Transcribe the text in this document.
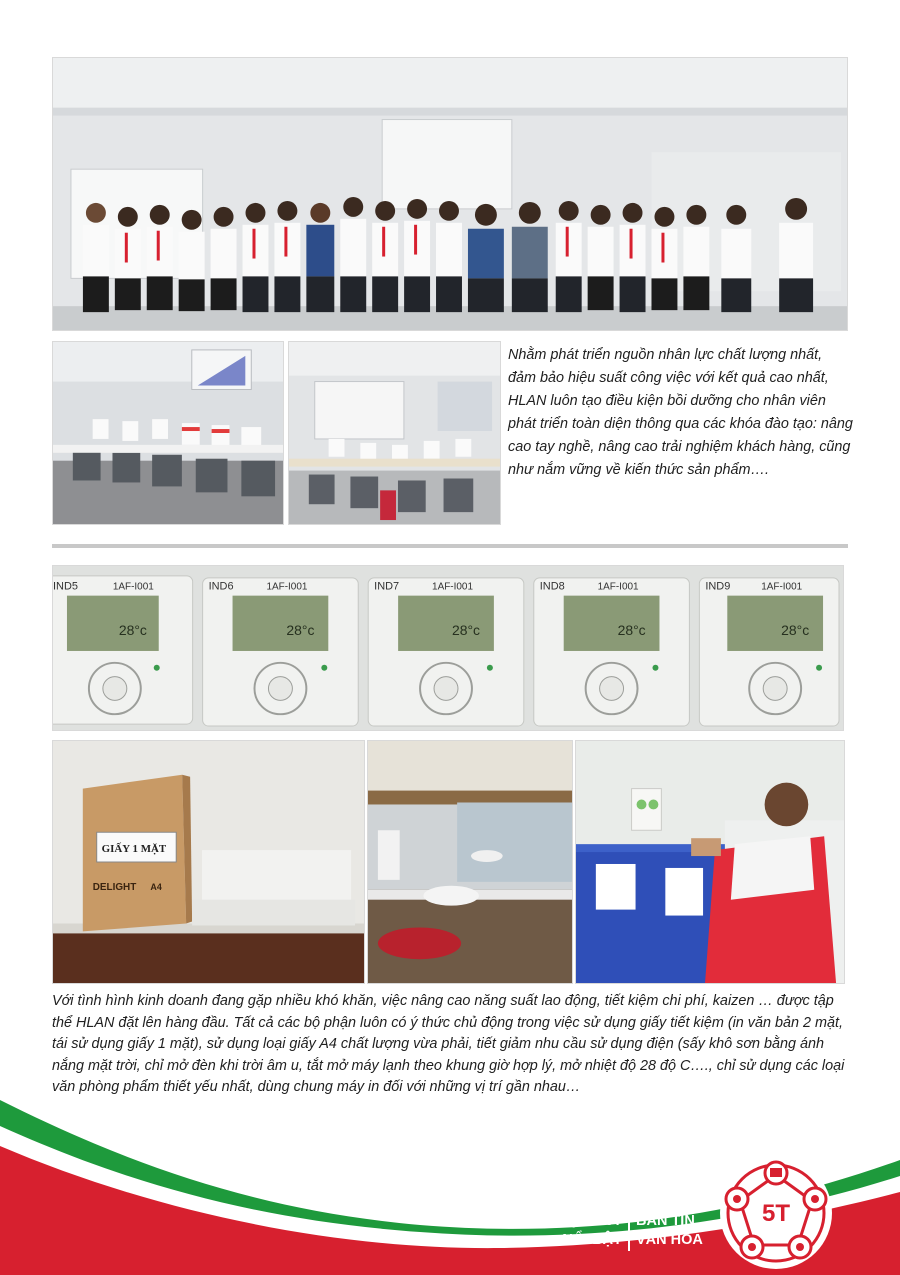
Nhằm phát triển nguồn nhân lực chất lượng nhất, đảm bảo hiệu suất công việc với kết quả cao nhất, HLAN luôn tạo điều kiện bồi dưỡng cho nhân viên phát triển toàn diện thông qua các khóa đào tạo: nâng cao tay nghề, nâng cao trải nghiệm khách hàng, cũng như nắm vững về kiến thức sản phẩm….
IND5	IND6	IND7	IND8	IND9
1AF-I001	1AF-I001	1AF-I001	1AF-I001	1AF-I001
28°c	28°c	28°c	28°c	28°c
GIẤY 1 MẶT
DELIGHT A4
Với tình hình kinh doanh đang gặp nhiều khó khăn, việc nâng cao năng suất lao động, tiết kiệm chi phí, kaizen … được tập thể HLAN đặt lên hàng đầu. Tất cả các bộ phận luôn có ý thức chủ động trong việc sử dụng giấy tiết kiệm (in văn bản 2 mặt, tái sử dụng giấy 1 mặt), sử dụng loại giấy A4 chất lượng vừa phải, tiết giảm nhu cầu sử dụng điện (sấy khô sơn bằng ánh nắng mặt trời, chỉ mở đèn khi trời âm u, tắt mở máy lạnh theo khung giờ hợp lý, mở nhiệt độ 28 độ C…., chỉ sử dụng các loại văn phòng phẩm thiết yếu nhất, dùng chung máy in đối với những vị trí gần nhau…
HOẠT ĐỘNG 5T
NỔI BẬT
BẢN TIN
VĂN HÓA
5T
